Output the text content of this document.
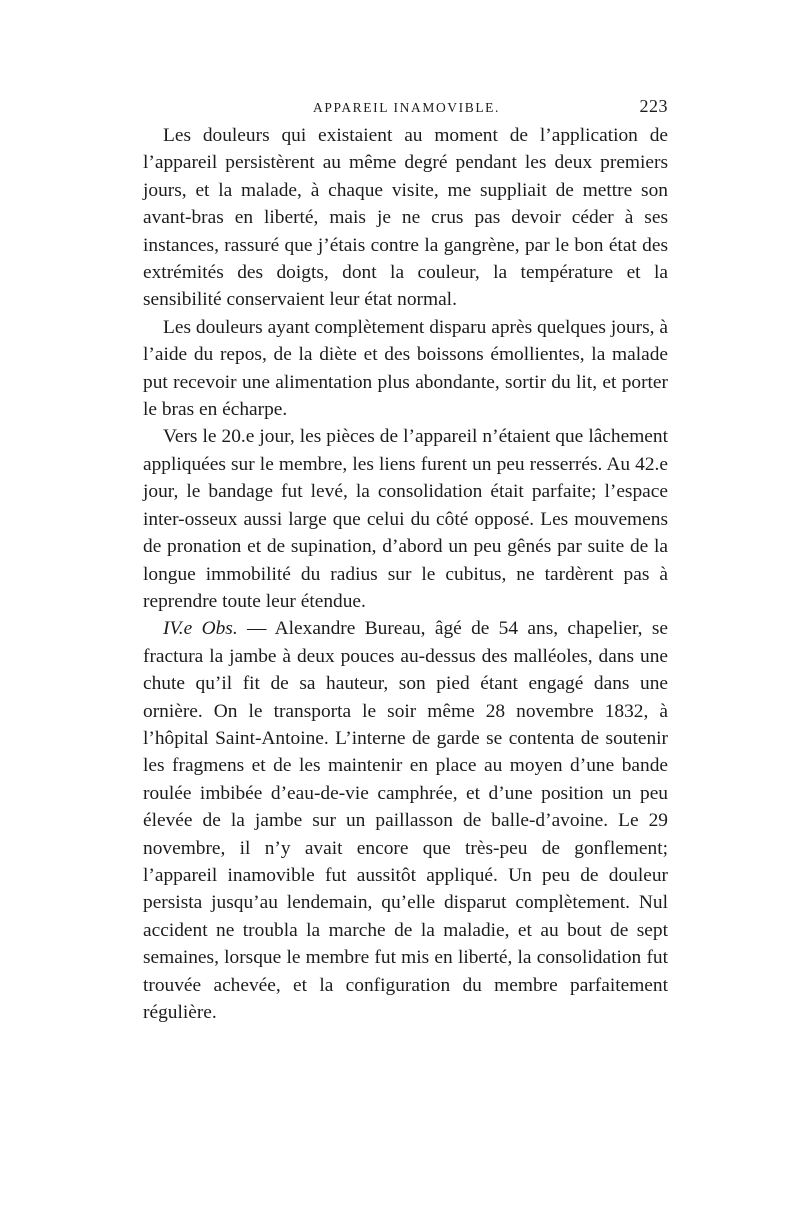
APPAREIL INAMOVIBLE.	223

Les douleurs qui existaient au moment de l’application de l’appareil persistèrent au même degré pendant les deux premiers jours, et la malade, à chaque visite, me suppliait de mettre son avant-bras en liberté, mais je ne crus pas devoir céder à ses instances, rassuré que j’étais contre la gangrène, par le bon état des extrémités des doigts, dont la couleur, la température et la sensibilité conservaient leur état normal.

Les douleurs ayant complètement disparu après quelques jours, à l’aide du repos, de la diète et des boissons émollientes, la malade put recevoir une alimentation plus abondante, sortir du lit, et porter le bras en écharpe.

Vers le 20.e jour, les pièces de l’appareil n’étaient que lâchement appliquées sur le membre, les liens furent un peu resserrés. Au 42.e jour, le bandage fut levé, la consolidation était parfaite; l’espace inter-osseux aussi large que celui du côté opposé. Les mouvemens de pronation et de supination, d’abord un peu gênés par suite de la longue immobilité du radius sur le cubitus, ne tardèrent pas à reprendre toute leur étendue.

IV.e Obs. — Alexandre Bureau, âgé de 54 ans, chapelier, se fractura la jambe à deux pouces au-dessus des malléoles, dans une chute qu’il fit de sa hauteur, son pied étant engagé dans une ornière. On le transporta le soir même 28 novembre 1832, à l’hôpital Saint-Antoine. L’interne de garde se contenta de soutenir les fragmens et de les maintenir en place au moyen d’une bande roulée imbibée d’eau-de-vie camphrée, et d’une position un peu élevée de la jambe sur un paillasson de balle-d’avoine. Le 29 novembre, il n’y avait encore que très-peu de gonflement; l’appareil inamovible fut aussitôt appliqué. Un peu de douleur persista jusqu’au lendemain, qu’elle disparut complètement. Nul accident ne troubla la marche de la maladie, et au bout de sept semaines, lorsque le membre fut mis en liberté, la consolidation fut trouvée achevée, et la configuration du membre parfaitement régulière.
